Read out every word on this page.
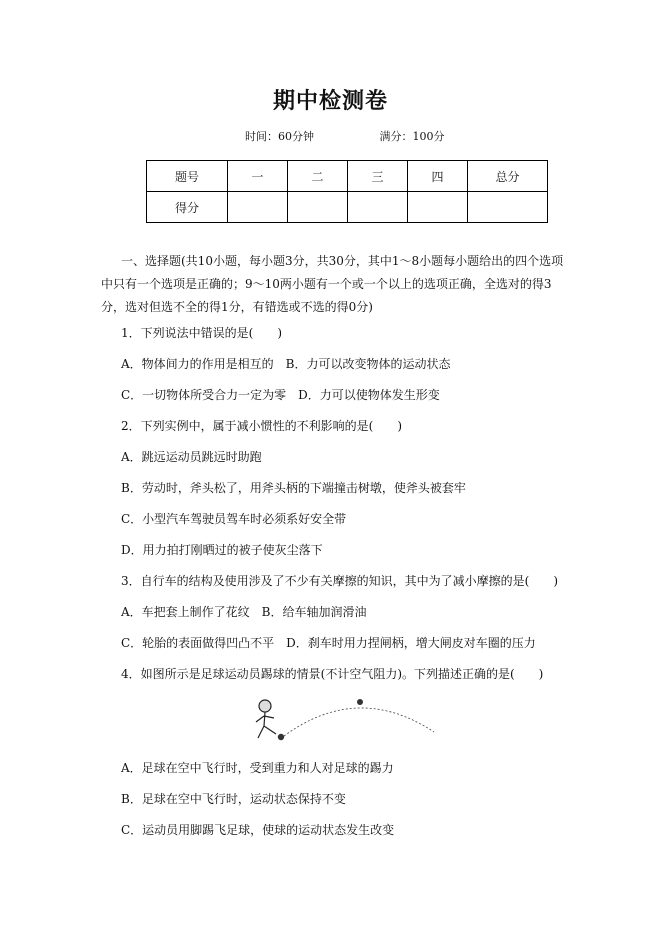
期中检测卷
时间：60分钟	满分：100分
题号	一	二	三	四	总分
得分					
一、选择题(共10小题，每小题3分，共30分，其中1～8小题每小题给出的四个选项中只有一个选项是正确的；9～10两小题有一个或一个以上的选项正确，全选对的得3分，选对但选不全的得1分，有错选或不选的得0分)
1．下列说法中错误的是(　　)
A．物体间力的作用是相互的　B．力可以改变物体的运动状态
C．一切物体所受合力一定为零　D．力可以使物体发生形变
2．下列实例中，属于减小惯性的不利影响的是(　　)
A．跳远运动员跳远时助跑
B．劳动时，斧头松了，用斧头柄的下端撞击树墩，使斧头被套牢
C．小型汽车驾驶员驾车时必须系好安全带
D．用力拍打刚晒过的被子使灰尘落下
3．自行车的结构及使用涉及了不少有关摩擦的知识，其中为了减小摩擦的是(　　)
A．车把套上制作了花纹　B．给车轴加润滑油
C．轮胎的表面做得凹凸不平　D．刹车时用力捏闸柄，增大闸皮对车圈的压力
4．如图所示是足球运动员踢球的情景(不计空气阻力)。下列描述正确的是(　　)
A．足球在空中飞行时，受到重力和人对足球的踢力
B．足球在空中飞行时，运动状态保持不变
C．运动员用脚踢飞足球，使球的运动状态发生改变
